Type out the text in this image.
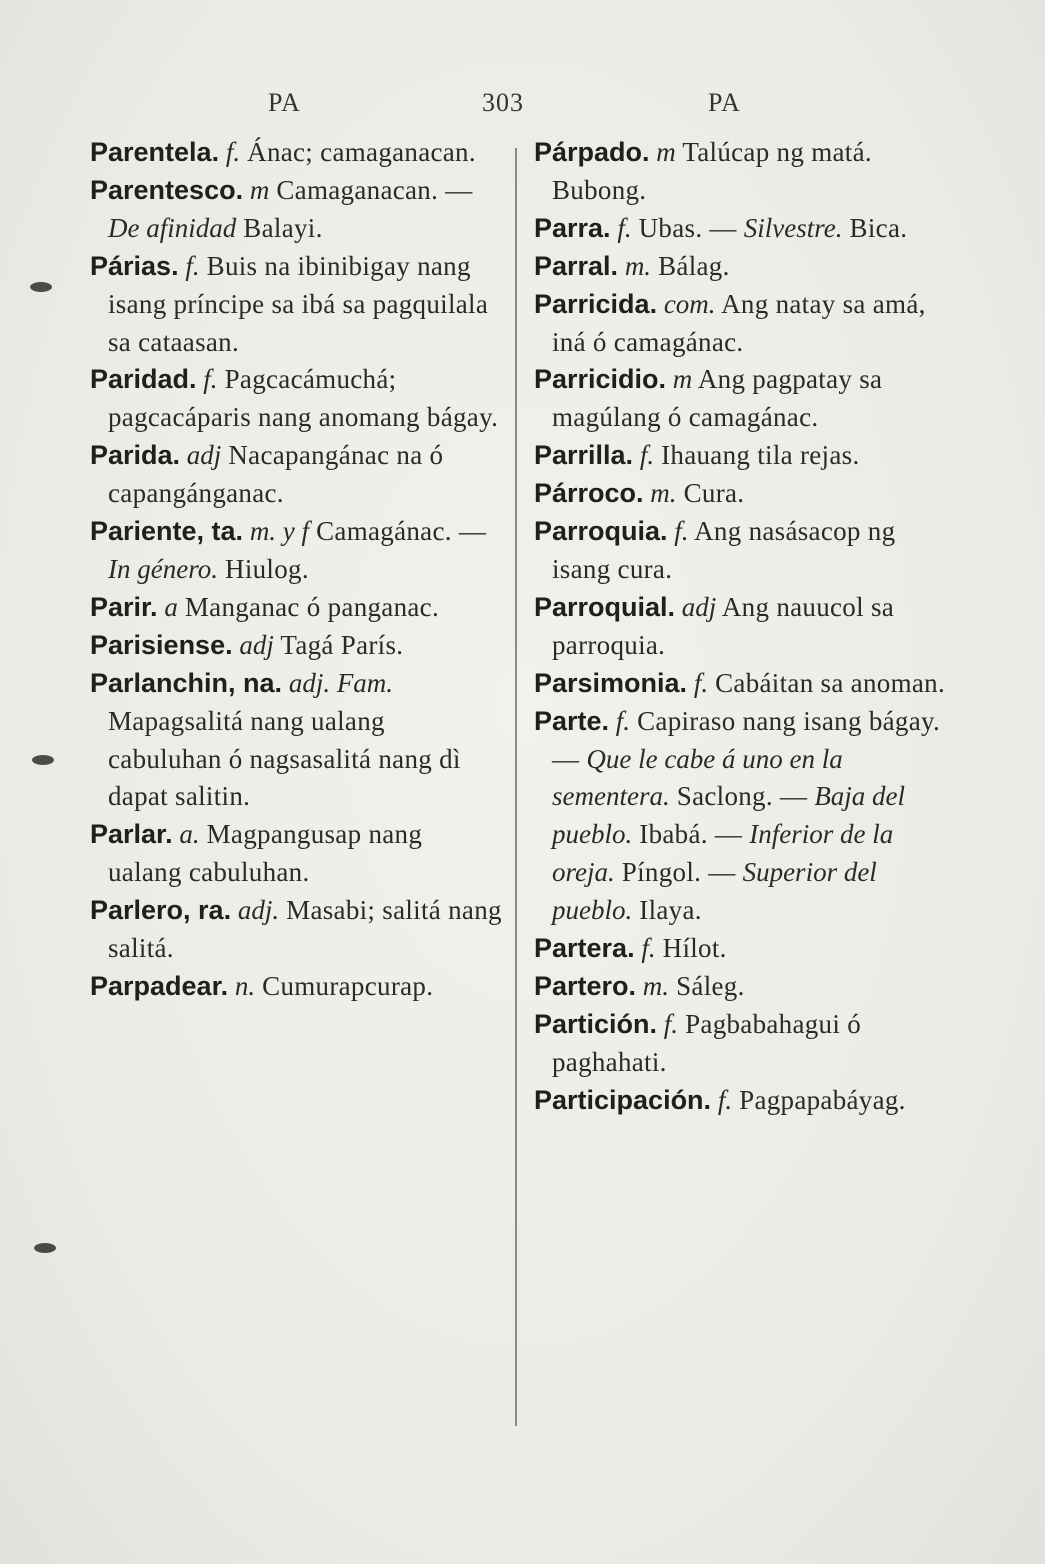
PA	303	PA

Parentela. f. Ánac; camaganacan.

Parentesco. m Camaganacan. — De afinidad Balayi.

Párias. f. Buis na ibinibigay nang isang príncipe sa ibá sa pagquilala sa cataasan.

Paridad. f. Pagcacámuchá; pagcacáparis nang anomang bágay.

Parida. adj Nacapangánac na ó capangánganac.

Pariente, ta. m. y f Camagánac. — In género. Hiulog.

Parir. a Manganac ó panganac.

Parisiense. adj Tagá París.

Parlanchin, na. adj. Fam. Mapagsalitá nang ualang cabuluhan ó nagsasalitá nang dì dapat salitin.

Parlar. a. Magpangusap nang ualang cabuluhan.

Parlero, ra. adj. Masabi; salitá nang salitá.

Parpadear. n. Cumurapcurap.

Párpado. m Talúcap ng matá. Bubong.

Parra. f. Ubas. — Silvestre. Bica.

Parral. m. Bálag.

Parricida. com. Ang natay sa amá, iná ó camagánac.

Parricidio. m Ang pagpatay sa magúlang ó camagánac.

Parrilla. f. Ihauang tila rejas.

Párroco. m. Cura.

Parroquia. f. Ang nasásacop ng isang cura.

Parroquial. adj Ang nauucol sa parroquia.

Parsimonia. f. Cabáitan sa anoman.

Parte. f. Capiraso nang isang bágay. — Que le cabe á uno en la sementera. Saclong. — Baja del pueblo. Ibabá. — Inferior de la oreja. Píngol. — Superior del pueblo. Ilaya.

Partera. f. Hílot.

Partero. m. Sáleg.

Partición. f. Pagbabahagui ó paghahati.

Participación. f. Pagpapabáyag.
